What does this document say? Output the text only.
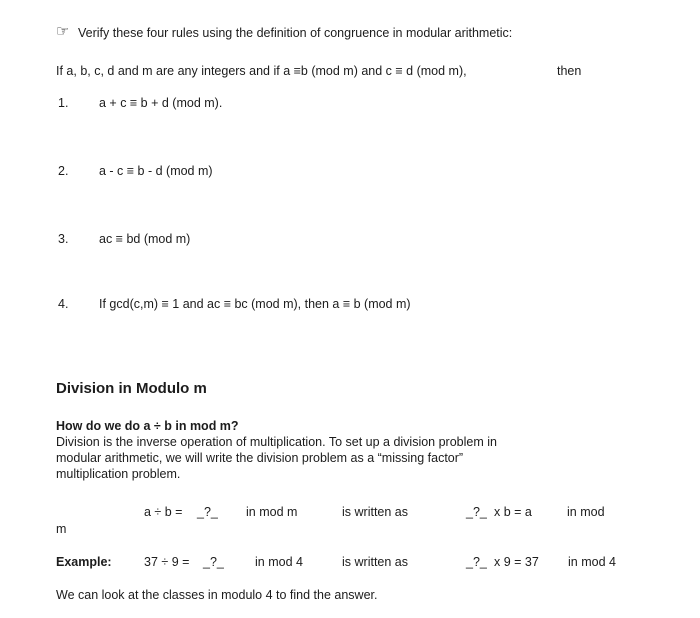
☞ Verify these four rules using the definition of congruence in modular arithmetic:
If a, b, c, d and m are any integers and if a ≡b (mod m) and c ≡ d (mod m),	then
1. a + c ≡ b + d (mod m).
2. a - c ≡ b - d (mod m)
3. ac ≡ bd (mod m)
4. If gcd(c,m) ≡ 1 and ac ≡ bc (mod m), then a ≡ b (mod m)
Division in Modulo m
How do we do a ÷ b in mod m?
Division is the inverse operation of multiplication. To set up a division problem in
modular arithmetic, we will write the division problem as a “missing factor”
multiplication problem.
a ÷ b = _?_ in mod m	is written as	_?_ x b = a	in mod
m
Example:	37 ÷ 9 = _?_ in mod 4	is written as	_?_ x 9 = 37 in mod 4
We can look at the classes in modulo 4 to find the answer.
